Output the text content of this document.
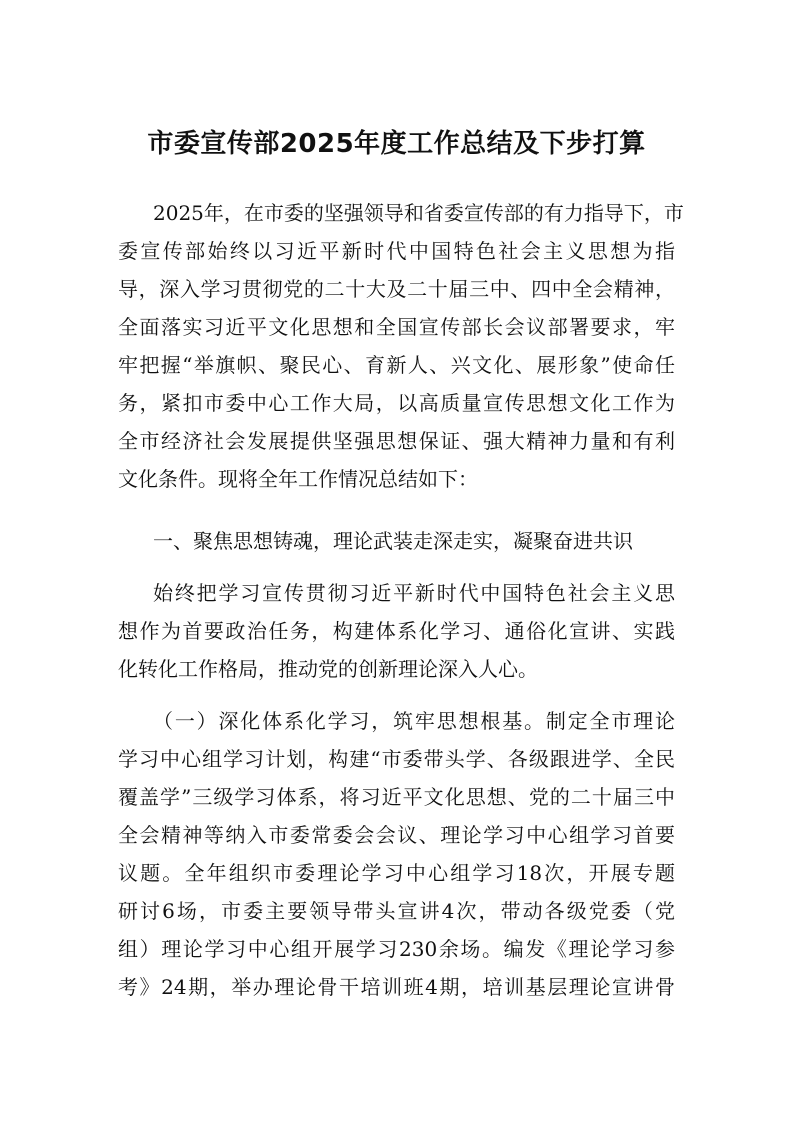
市委宣传部2025年度工作总结及下步打算
2025年，在市委的坚强领导和省委宣传部的有力指导下，市
委宣传部始终以习近平新时代中国特色社会主义思想为指
导，深入学习贯彻党的二十大及二十届三中、四中全会精神，
全面落实习近平文化思想和全国宣传部长会议部署要求，牢
牢把握“举旗帜、聚民心、育新人、兴文化、展形象”使命任
务，紧扣市委中心工作大局，以高质量宣传思想文化工作为
全市经济社会发展提供坚强思想保证、强大精神力量和有利
文化条件。现将全年工作情况总结如下：
一、聚焦思想铸魂，理论武装走深走实，凝聚奋进共识
始终把学习宣传贯彻习近平新时代中国特色社会主义思
想作为首要政治任务，构建体系化学习、通俗化宣讲、实践
化转化工作格局，推动党的创新理论深入人心。
（一）深化体系化学习，筑牢思想根基。制定全市理论
学习中心组学习计划，构建“市委带头学、各级跟进学、全民
覆盖学”三级学习体系，将习近平文化思想、党的二十届三中
全会精神等纳入市委常委会会议、理论学习中心组学习首要
议题。全年组织市委理论学习中心组学习18次，开展专题
研讨6场，市委主要领导带头宣讲4次，带动各级党委（党
组）理论学习中心组开展学习230余场。编发《理论学习参
考》24期，举办理论骨干培训班4期，培训基层理论宣讲骨
